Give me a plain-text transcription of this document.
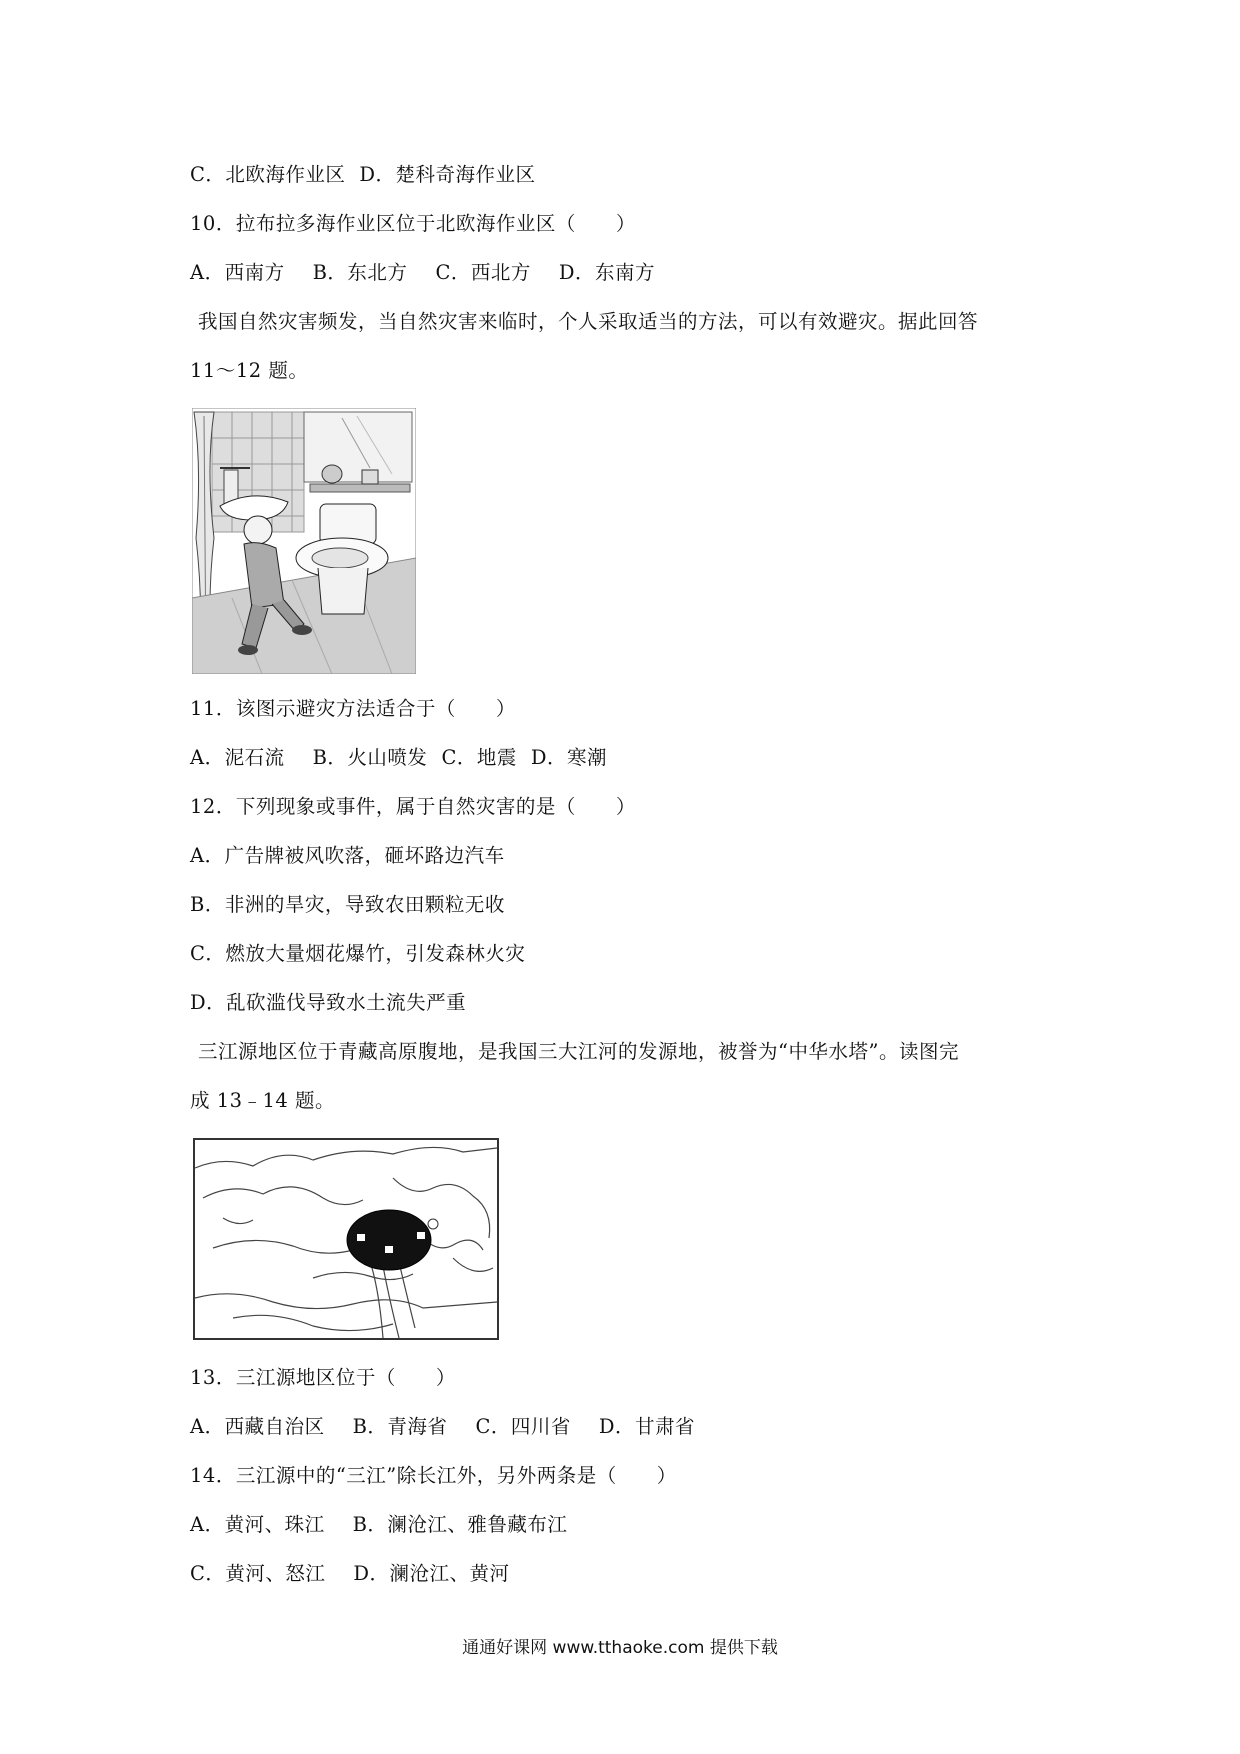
C．北欧海作业区 D．楚科奇海作业区
10．拉布拉多海作业区位于北欧海作业区（　　）
A．西南方 B．东北方 C．西北方 D．东南方
我国自然灾害频发，当自然灾害来临时，个人采取适当的方法，可以有效避灾。据此回答
11～12 题。
11．该图示避灾方法适合于（　　）
A．泥石流 B．火山喷发 C．地震 D．寒潮
12．下列现象或事件，属于自然灾害的是（　　）
A．广告牌被风吹落，砸坏路边汽车
B．非洲的旱灾，导致农田颗粒无收
C．燃放大量烟花爆竹，引发森林火灾
D．乱砍滥伐导致水土流失严重
三江源地区位于青藏高原腹地，是我国三大江河的发源地，被誉为“中华水塔”。读图完
成 13﹣14 题。
13．三江源地区位于（　　）
A．西藏自治区 B．青海省 C．四川省 D．甘肃省
14．三江源中的“三江”除长江外，另外两条是（　　）
A．黄河、珠江 B．澜沧江、雅鲁藏布江
C．黄河、怒江 D．澜沧江、黄河
通通好课网 www.tthaoke.com 提供下载
